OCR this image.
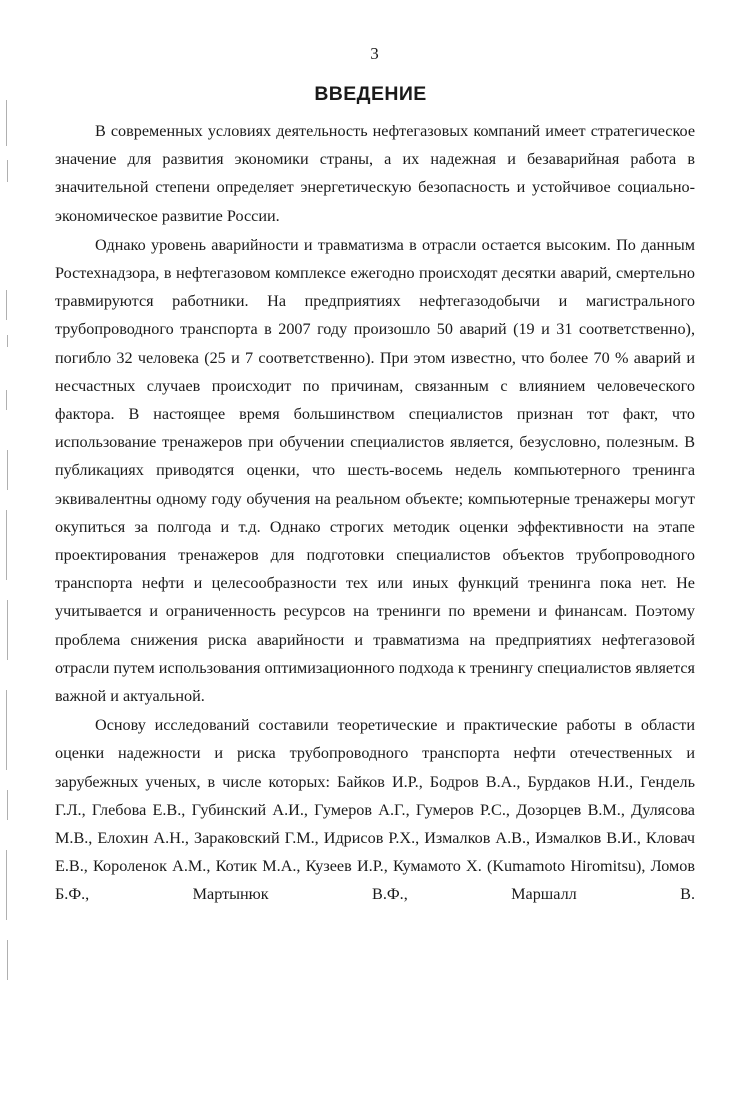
3
ВВЕДЕНИЕ

В современных условиях деятельность нефтегазовых компаний имеет стратегическое значение для развития экономики страны, а их надежная и безаварийная работа в значительной степени определяет энергетическую безопасность и устойчивое социально-экономическое развитие России.

Однако уровень аварийности и травматизма в отрасли остается высоким. По данным Ростехнадзора, в нефтегазовом комплексе ежегодно происходят десятки аварий, смертельно травмируются работники. На предприятиях нефтегазодобычи и магистрального трубопроводного транспорта в 2007 году произошло 50 аварий (19 и 31 соответственно), погибло 32 человека (25 и 7 соответственно). При этом известно, что более 70 % аварий и несчастных случаев происходит по причинам, связанным с влиянием человеческого фактора. В настоящее время большинством специалистов признан тот факт, что использование тренажеров при обучении специалистов является, безусловно, полезным. В публикациях приводятся оценки, что шесть-восемь недель компьютерного тренинга эквивалентны одному году обучения на реальном объекте; компьютерные тренажеры могут окупиться за полгода и т.д. Однако строгих методик оценки эффективности на этапе проектирования тренажеров для подготовки специалистов объектов трубопроводного транспорта нефти и целесообразности тех или иных функций тренинга пока нет. Не учитывается и ограниченность ресурсов на тренинги по времени и финансам. Поэтому проблема снижения риска аварийности и травматизма на предприятиях нефтегазовой отрасли путем использования оптимизационного подхода к тренингу специалистов является важной и актуальной.

Основу исследований составили теоретические и практические работы в области оценки надежности и риска трубопроводного транспорта нефти отечественных и зарубежных ученых, в числе которых: Байков И.Р., Бодров В.А., Бурдаков Н.И., Гендель Г.Л., Глебова Е.В., Губинский А.И., Гумеров А.Г., Гумеров Р.С., Дозорцев В.М., Дулясова М.В., Елохин А.Н., Зараковский Г.М., Идрисов Р.Х., Измалков А.В., Измалков В.И., Кловач Е.В., Короленок А.М., Котик М.А., Кузеев И.Р., Кумамото Х. (Kumamoto Hiromitsu), Ломов Б.Ф., Мартынюк В.Ф., Маршалл В.
